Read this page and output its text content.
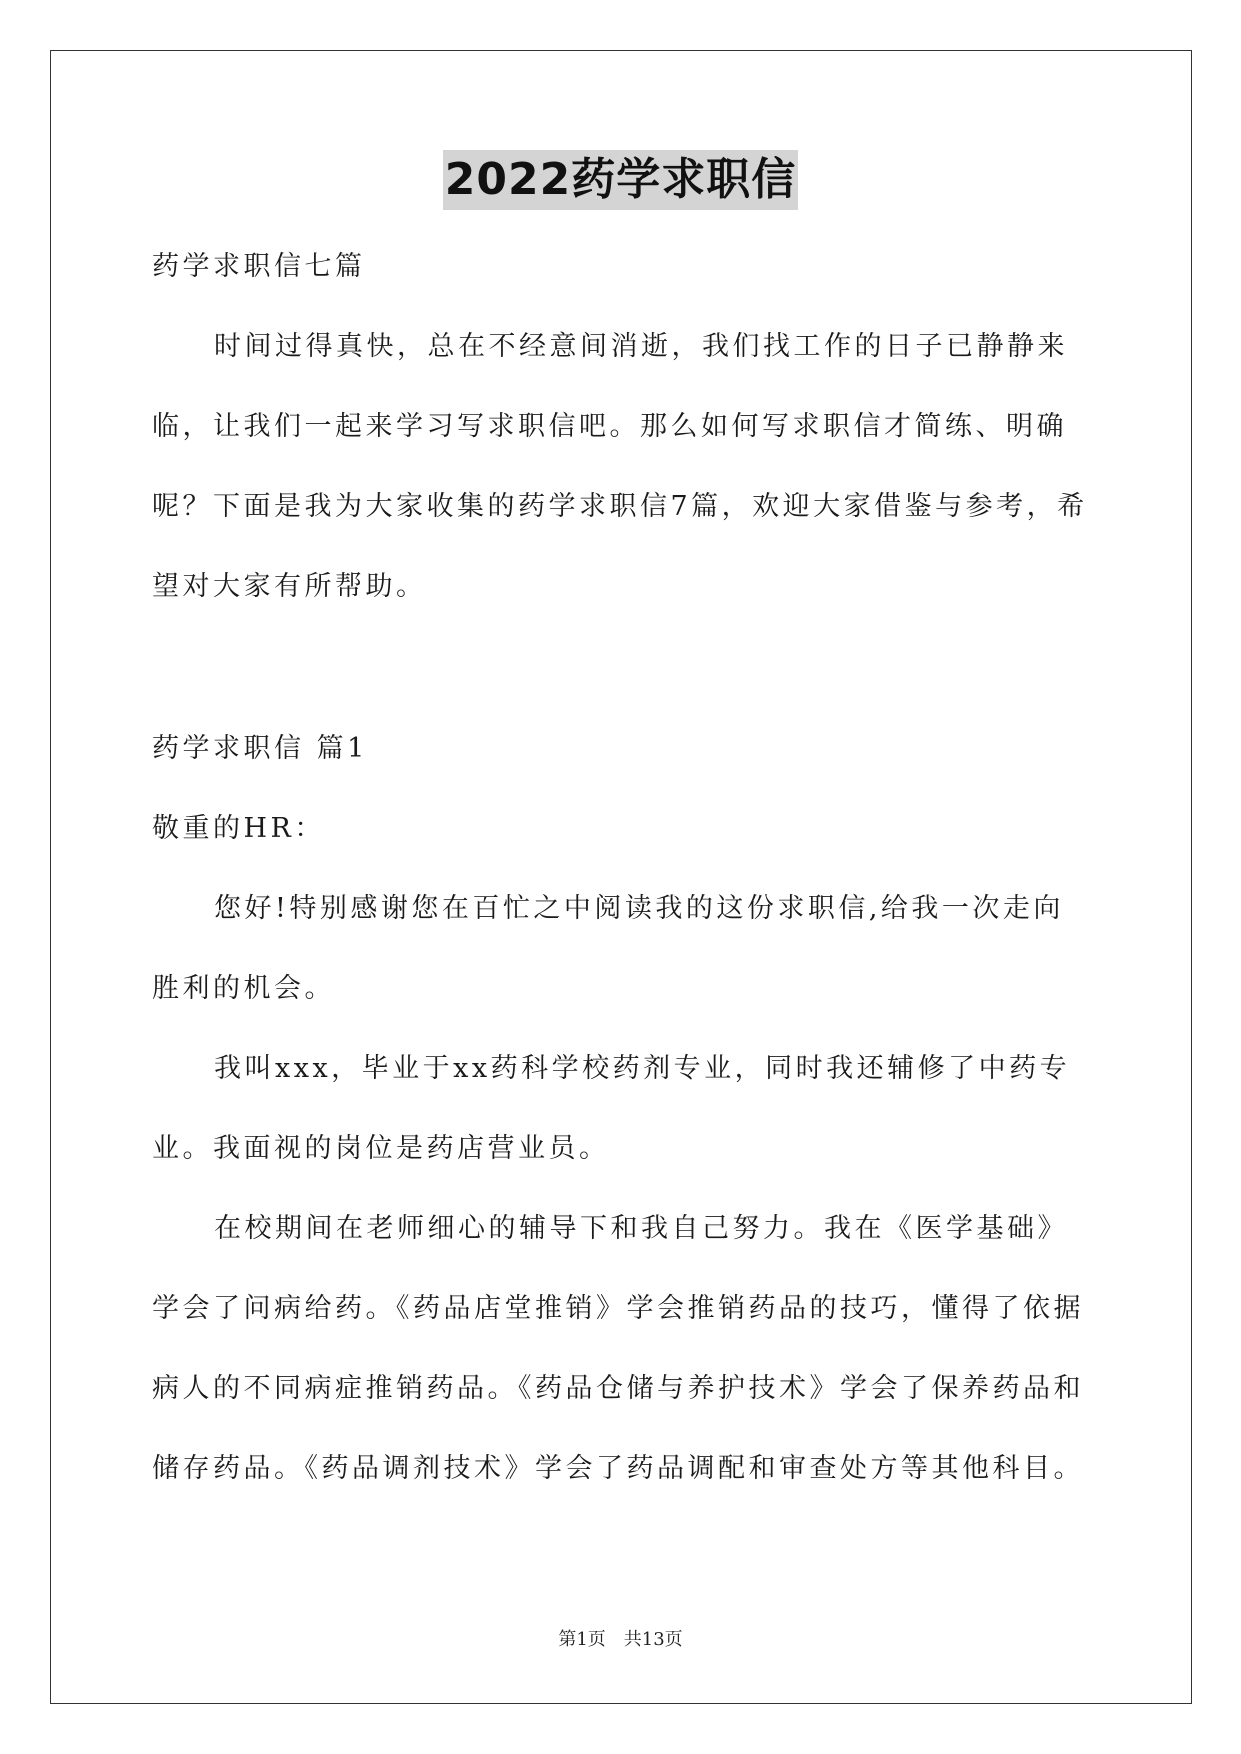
2022药学求职信

药学求职信七篇

时间过得真快，总在不经意间消逝，我们找工作的日子已静静来临，让我们一起来学习写求职信吧。那么如何写求职信才简练、明确呢？下面是我为大家收集的药学求职信7篇，欢迎大家借鉴与参考，希望对大家有所帮助。

药学求职信 篇1

敬重的HR：

您好!特别感谢您在百忙之中阅读我的这份求职信,给我一次走向胜利的机会。

我叫xxx，毕业于xx药科学校药剂专业，同时我还辅修了中药专业。我面视的岗位是药店营业员。

在校期间在老师细心的辅导下和我自己努力。我在《医学基础》学会了问病给药。《药品店堂推销》学会推销药品的技巧，懂得了依据病人的不同病症推销药品。《药品仓储与养护技术》学会了保养药品和储存药品。《药品调剂技术》学会了药品调配和审查处方等其他科目。

第1页　共13页
